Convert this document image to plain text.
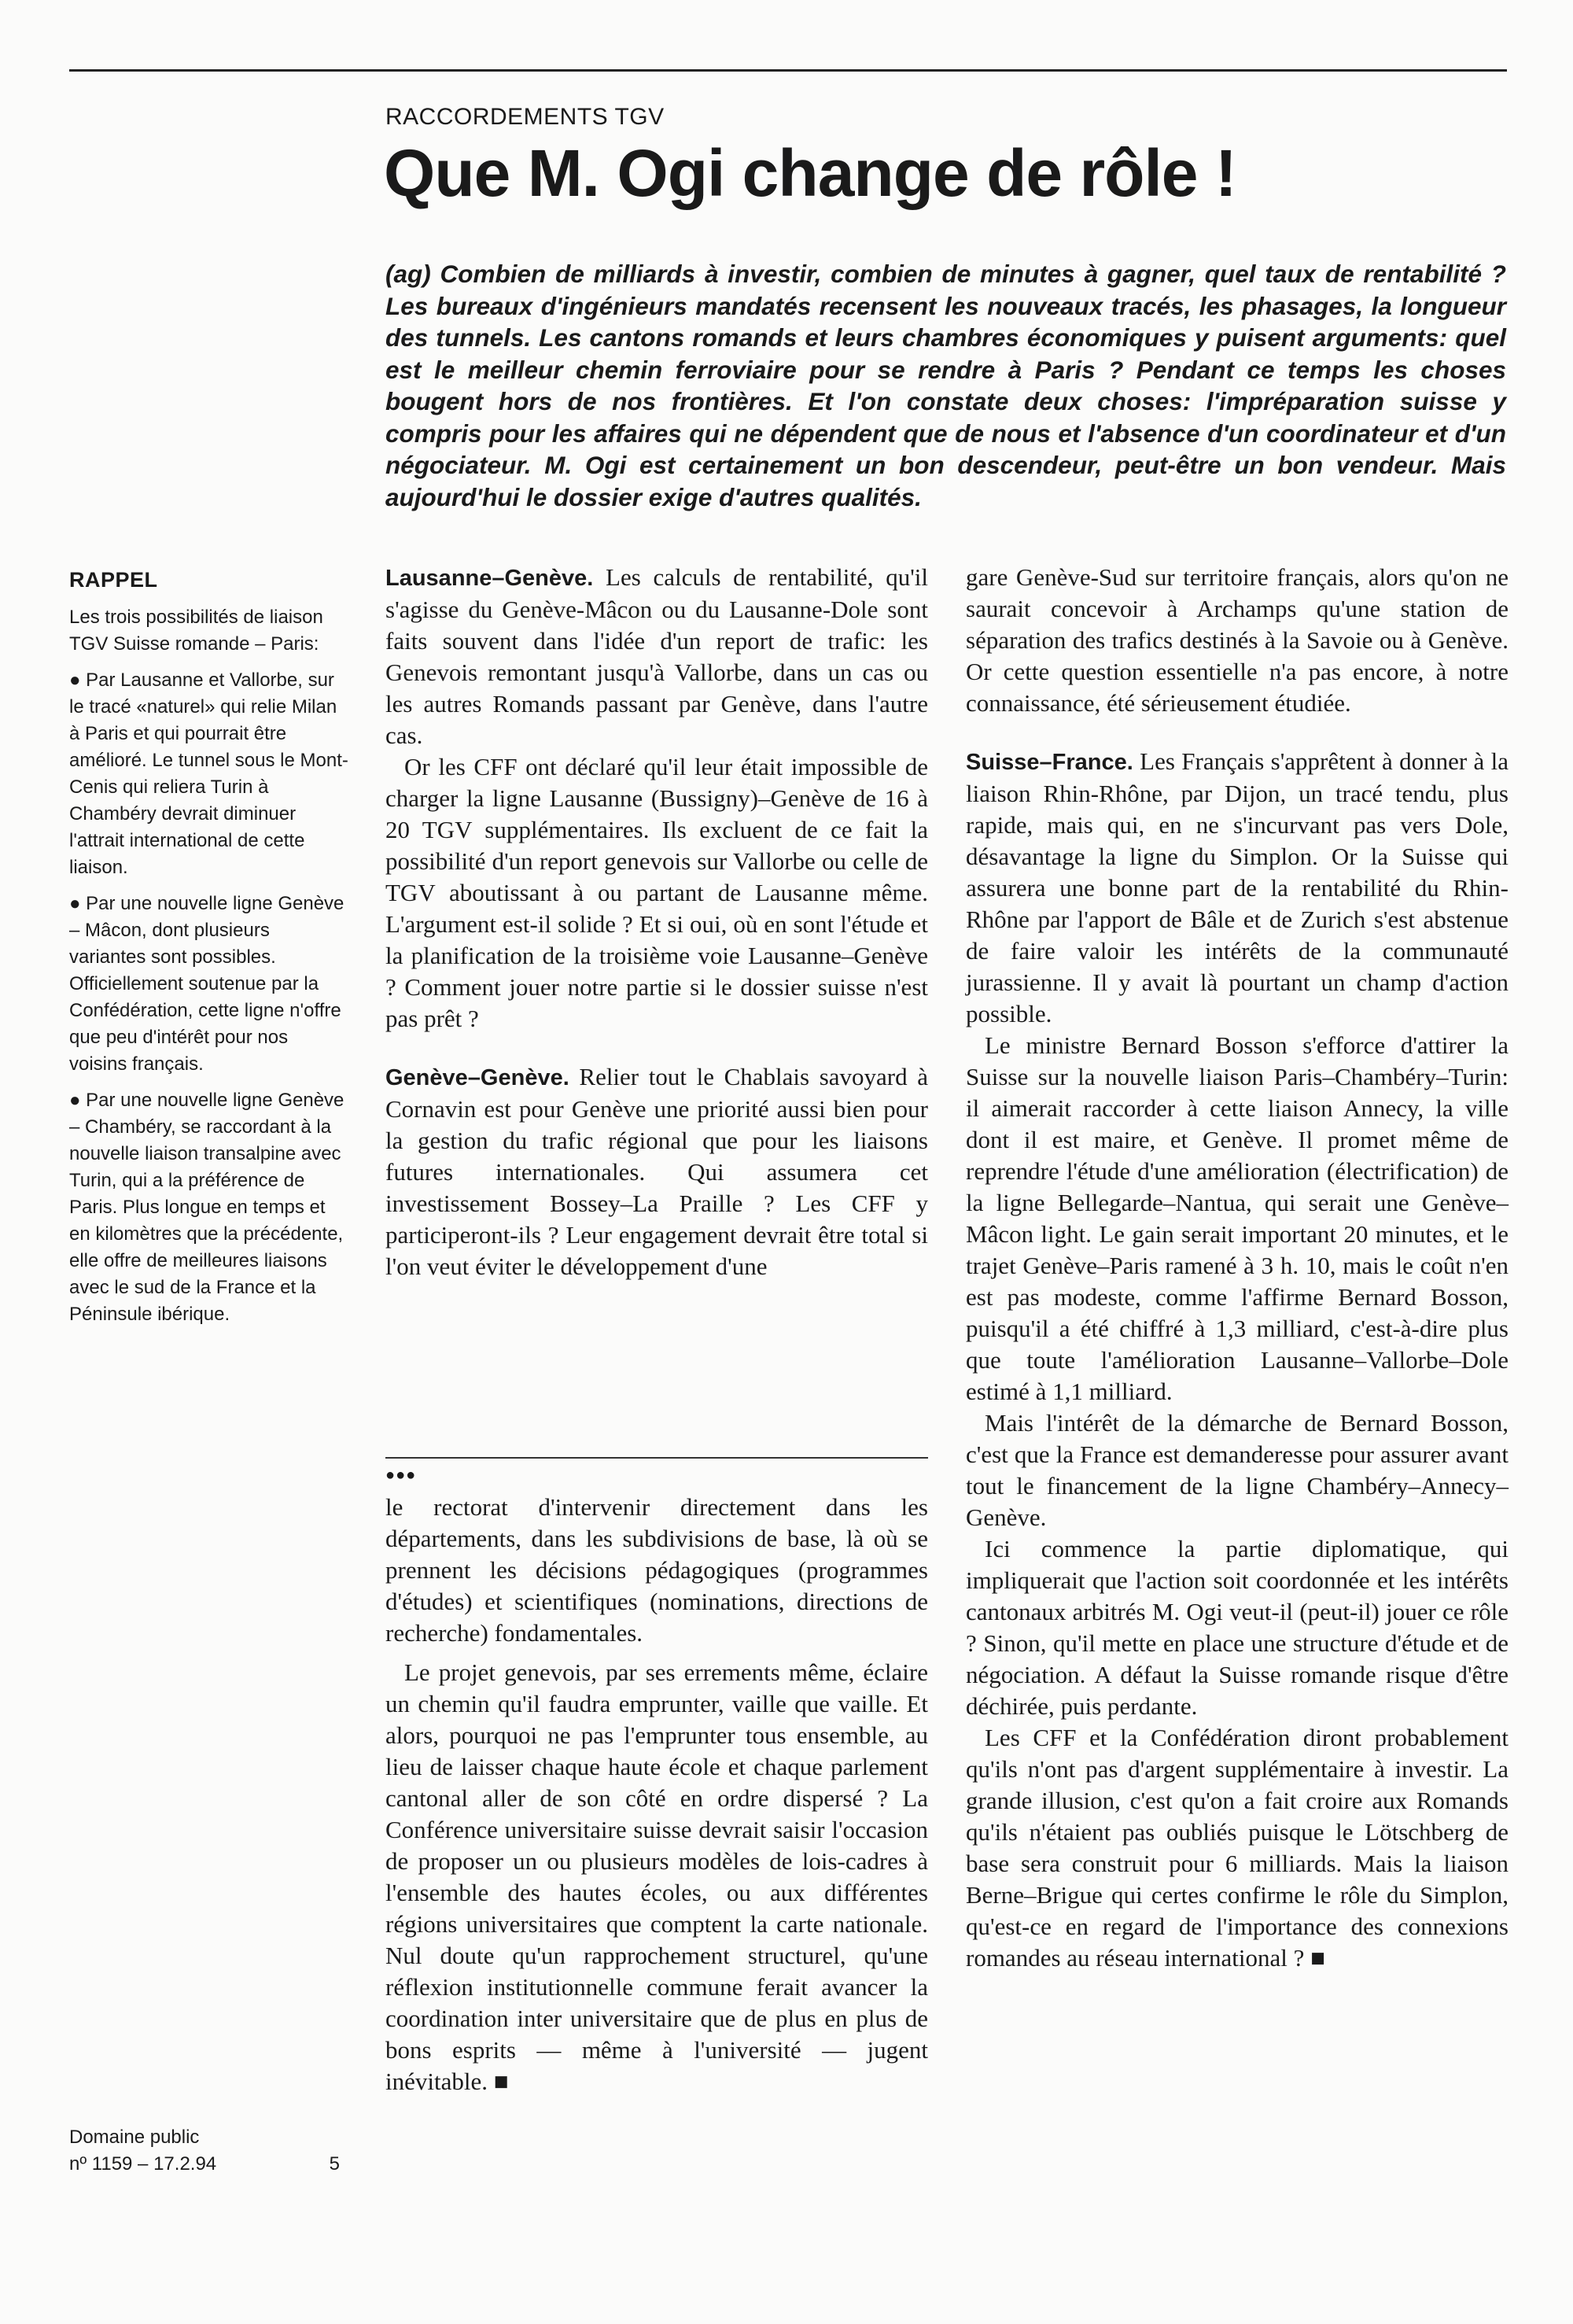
RACCORDEMENTS TGV
Que M. Ogi change de rôle !

(ag) Combien de milliards à investir, combien de minutes à gagner, quel taux de rentabilité ? Les bureaux d'ingénieurs mandatés recensent les nouveaux tracés, les phasages, la longueur des tunnels. Les cantons romands et leurs chambres économiques y puisent arguments: quel est le meilleur chemin ferroviaire pour se rendre à Paris ? Pendant ce temps les choses bougent hors de nos frontières. Et l'on constate deux choses: l'impréparation suisse y compris pour les affaires qui ne dépendent que de nous et l'absence d'un coordinateur et d'un négociateur. M. Ogi est certainement un bon descendeur, peut-être un bon vendeur. Mais aujourd'hui le dossier exige d'autres qualités.

RAPPEL

Les trois possibilités de liaison TGV Suisse romande – Paris:

● Par Lausanne et Vallorbe, sur le tracé «naturel» qui relie Milan à Paris et qui pourrait être amélioré. Le tunnel sous le Mont-Cenis qui reliera Turin à Chambéry devrait diminuer l'attrait international de cette liaison.

● Par une nouvelle ligne Genève – Mâcon, dont plusieurs variantes sont possibles. Officiellement soutenue par la Confédération, cette ligne n'offre que peu d'intérêt pour nos voisins français.

● Par une nouvelle ligne Genève – Chambéry, se raccordant à la nouvelle liaison transalpine avec Turin, qui a la préférence de Paris. Plus longue en temps et en kilomètres que la précédente, elle offre de meilleures liaisons avec le sud de la France et la Péninsule ibérique.

Lausanne–Genève. Les calculs de rentabilité, qu'il s'agisse du Genève-Mâcon ou du Lausanne-Dole sont faits souvent dans l'idée d'un report de trafic: les Genevois remontant jusqu'à Vallorbe, dans un cas ou les autres Romands passant par Genève, dans l'autre cas.

Or les CFF ont déclaré qu'il leur était impossible de charger la ligne Lausanne (Bussigny)–Genève de 16 à 20 TGV supplémentaires. Ils excluent de ce fait la possibilité d'un report genevois sur Vallorbe ou celle de TGV aboutissant à ou partant de Lausanne même. L'argument est-il solide ? Et si oui, où en sont l'étude et la planification de la troisième voie Lausanne–Genève ? Comment jouer notre partie si le dossier suisse n'est pas prêt ?

Genève–Genève. Relier tout le Chablais savoyard à Cornavin est pour Genève une priorité aussi bien pour la gestion du trafic régional que pour les liaisons futures internationales. Qui assumera cet investissement Bossey–La Praille ? Les CFF y participeront-ils ? Leur engagement devrait être total si l'on veut éviter le développement d'une

●●●

le rectorat d'intervenir directement dans les départements, dans les subdivisions de base, là où se prennent les décisions pédagogiques (programmes d'études) et scientifiques (nominations, directions de recherche) fondamentales.

Le projet genevois, par ses errements même, éclaire un chemin qu'il faudra emprunter, vaille que vaille. Et alors, pourquoi ne pas l'emprunter tous ensemble, au lieu de laisser chaque haute école et chaque parlement cantonal aller de son côté en ordre dispersé ? La Conférence universitaire suisse devrait saisir l'occasion de proposer un ou plusieurs modèles de lois-cadres à l'ensemble des hautes écoles, ou aux différentes régions universitaires que comptent la carte nationale. Nul doute qu'un rapprochement structurel, qu'une réflexion institutionnelle commune ferait avancer la coordination inter universitaire que de plus en plus de bons esprits — même à l'université — jugent inévitable. ■

gare Genève-Sud sur territoire français, alors qu'on ne saurait concevoir à Archamps qu'une station de séparation des trafics destinés à la Savoie ou à Genève. Or cette question essentielle n'a pas encore, à notre connaissance, été sérieusement étudiée.

Suisse–France. Les Français s'apprêtent à donner à la liaison Rhin-Rhône, par Dijon, un tracé tendu, plus rapide, mais qui, en ne s'incurvant pas vers Dole, désavantage la ligne du Simplon. Or la Suisse qui assurera une bonne part de la rentabilité du Rhin-Rhône par l'apport de Bâle et de Zurich s'est abstenue de faire valoir les intérêts de la communauté jurassienne. Il y avait là pourtant un champ d'action possible.

Le ministre Bernard Bosson s'efforce d'attirer la Suisse sur la nouvelle liaison Paris–Chambéry–Turin: il aimerait raccorder à cette liaison Annecy, la ville dont il est maire, et Genève. Il promet même de reprendre l'étude d'une amélioration (électrification) de la ligne Bellegarde–Nantua, qui serait une Genève–Mâcon light. Le gain serait important 20 minutes, et le trajet Genève–Paris ramené à 3 h. 10, mais le coût n'en est pas modeste, comme l'affirme Bernard Bosson, puisqu'il a été chiffré à 1,3 milliard, c'est-à-dire plus que toute l'amélioration Lausanne–Vallorbe–Dole estimé à 1,1 milliard.

Mais l'intérêt de la démarche de Bernard Bosson, c'est que la France est demanderesse pour assurer avant tout le financement de la ligne Chambéry–Annecy–Genève.

Ici commence la partie diplomatique, qui impliquerait que l'action soit coordonnée et les intérêts cantonaux arbitrés M. Ogi veut-il (peut-il) jouer ce rôle ? Sinon, qu'il mette en place une structure d'étude et de négociation. A défaut la Suisse romande risque d'être déchirée, puis perdante.

Les CFF et la Confédération diront probablement qu'ils n'ont pas d'argent supplémentaire à investir. La grande illusion, c'est qu'on a fait croire aux Romands qu'ils n'étaient pas oubliés puisque le Lötschberg de base sera construit pour 6 milliards. Mais la liaison Berne–Brigue qui certes confirme le rôle du Simplon, qu'est-ce en regard de l'importance des connexions romandes au réseau international ? ■

Domaine public
nº 1159 – 17.2.94	5
